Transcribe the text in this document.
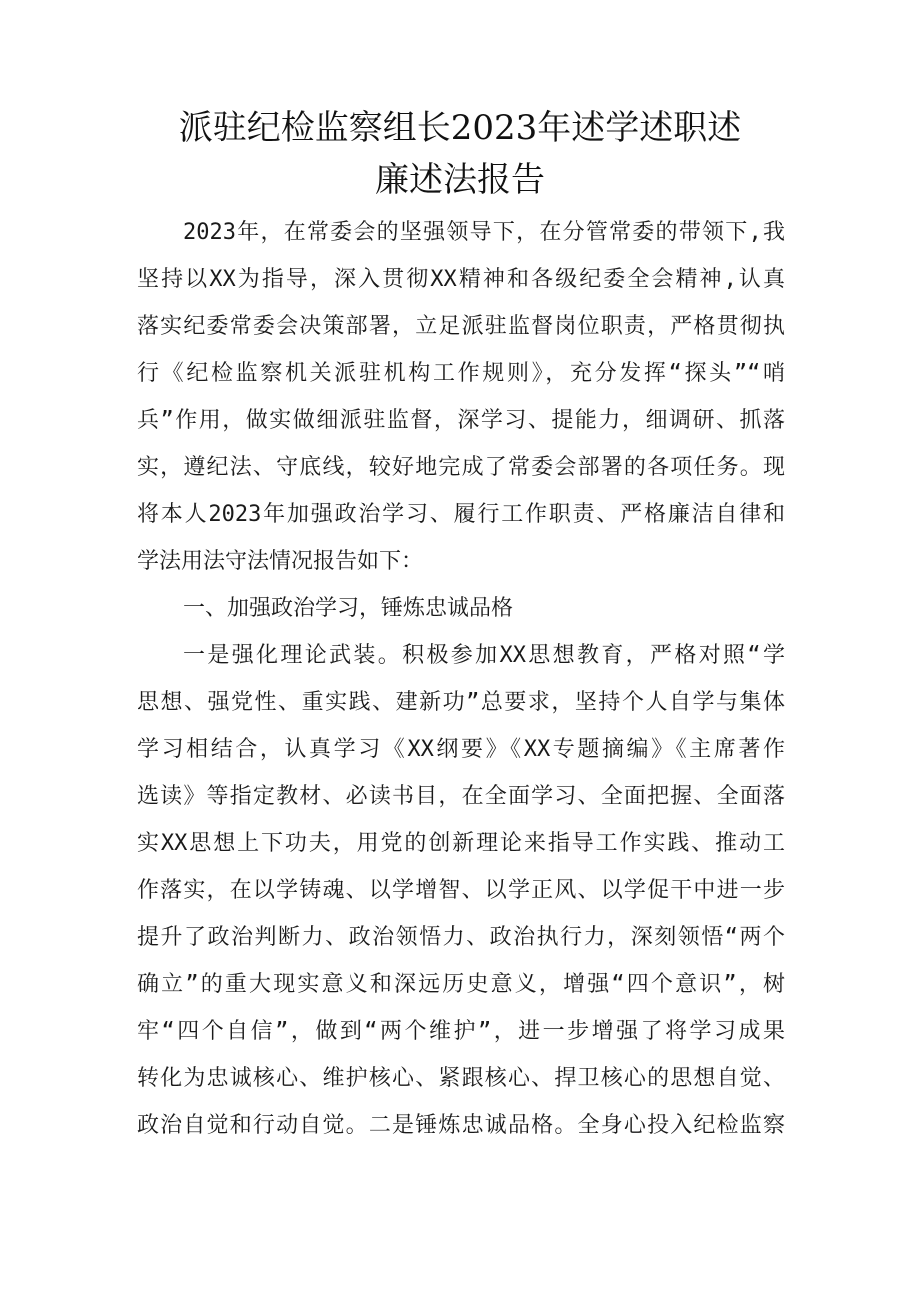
派驻纪检监察组长2023年述学述职述
廉述法报告
2023年，在常委会的坚强领导下，在分管常委的带领下,我
坚持以XX为指导，深入贯彻XX精神和各级纪委全会精神,认真
落实纪委常委会决策部署，立足派驻监督岗位职责，严格贯彻执
行《纪检监察机关派驻机构工作规则》，充分发挥“探头”“哨
兵”作用，做实做细派驻监督，深学习、提能力，细调研、抓落
实，遵纪法、守底线，较好地完成了常委会部署的各项任务。现
将本人2023年加强政治学习、履行工作职责、严格廉洁自律和
学法用法守法情况报告如下：
一、加强政治学习，锤炼忠诚品格
一是强化理论武装。积极参加XX思想教育，严格对照“学
思想、强党性、重实践、建新功”总要求，坚持个人自学与集体
学习相结合，认真学习《XX纲要》《XX专题摘编》《主席著作
选读》等指定教材、必读书目，在全面学习、全面把握、全面落
实XX思想上下功夫，用党的创新理论来指导工作实践、推动工
作落实，在以学铸魂、以学增智、以学正风、以学促干中进一步
提升了政治判断力、政治领悟力、政治执行力，深刻领悟“两个
确立”的重大现实意义和深远历史意义，增强“四个意识”，树
牢“四个自信”，做到“两个维护”，进一步增强了将学习成果
转化为忠诚核心、维护核心、紧跟核心、捍卫核心的思想自觉、
政治自觉和行动自觉。二是锤炼忠诚品格。全身心投入纪检监察
